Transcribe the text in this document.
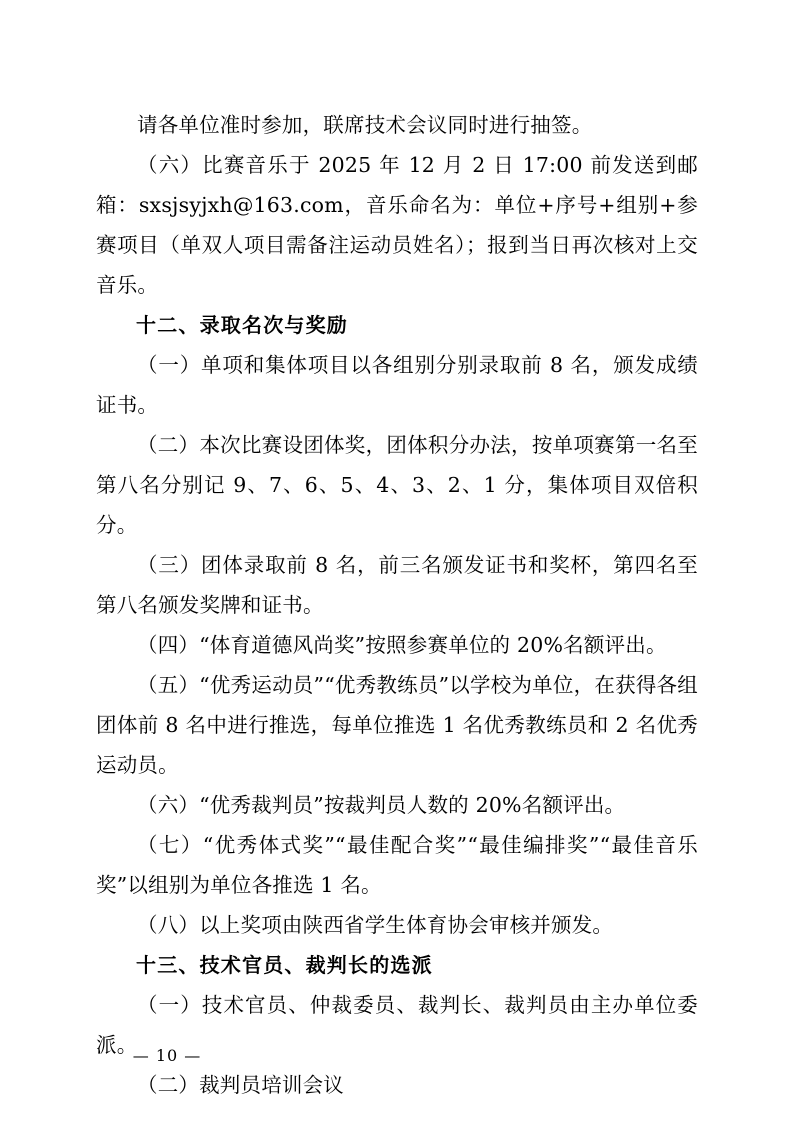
请各单位准时参加，联席技术会议同时进行抽签。

（六）比赛音乐于 2025 年 12 月 2 日 17:00 前发送到邮箱：sxsjsyjxh@163.com，音乐命名为：单位+序号+组别+参赛项目（单双人项目需备注运动员姓名）；报到当日再次核对上交音乐。

十二、录取名次与奖励

（一）单项和集体项目以各组别分别录取前 8 名，颁发成绩证书。

（二）本次比赛设团体奖，团体积分办法，按单项赛第一名至第八名分别记 9、7、6、5、4、3、2、1 分，集体项目双倍积分。

（三）团体录取前 8 名，前三名颁发证书和奖杯，第四名至第八名颁发奖牌和证书。

（四）“体育道德风尚奖”按照参赛单位的 20%名额评出。

（五）“优秀运动员”“优秀教练员”以学校为单位，在获得各组团体前 8 名中进行推选，每单位推选 1 名优秀教练员和 2 名优秀运动员。

（六）“优秀裁判员”按裁判员人数的 20%名额评出。

（七）“优秀体式奖”“最佳配合奖”“最佳编排奖”“最佳音乐奖”以组别为单位各推选 1 名。

（八）以上奖项由陕西省学生体育协会审核并颁发。

十三、技术官员、裁判长的选派

（一）技术官员、仲裁委员、裁判长、裁判员由主办单位委派。

（二）裁判员培训会议

— 10 —
